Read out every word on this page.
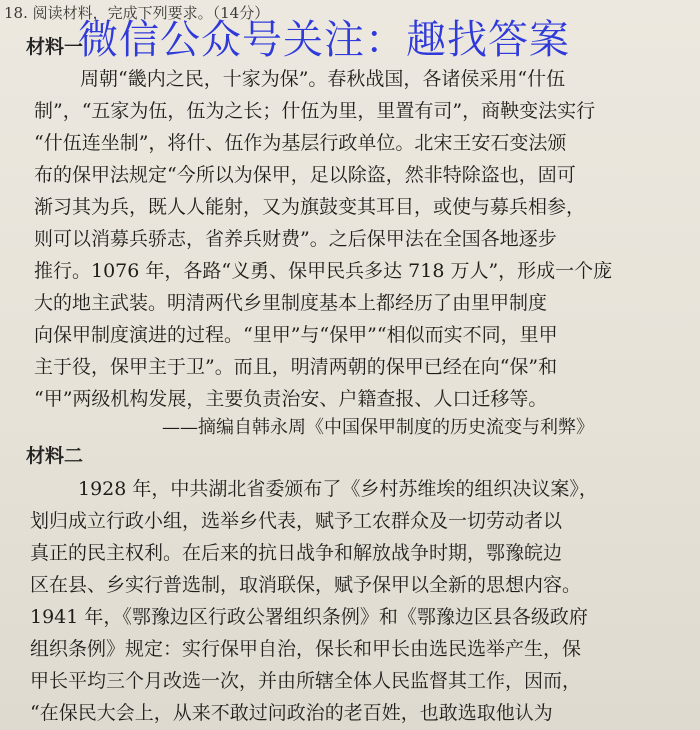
18. 阅读材料，完成下列要求。（14分）
材料一
周朝“畿内之民，十家为保”。春秋战国，各诸侯采用“什伍
制”，“五家为伍，伍为之长；什伍为里，里置有司”，商鞅变法实行
“什伍连坐制”，将什、伍作为基层行政单位。北宋王安石变法颁
布的保甲法规定“今所以为保甲，足以除盗，然非特除盗也，固可
渐习其为兵，既人人能射，又为旗鼓变其耳目，或使与募兵相参，
则可以消募兵骄志，省养兵财费”。之后保甲法在全国各地逐步
推行。1076 年，各路“义勇、保甲民兵多达 718 万人”，形成一个庞
大的地主武装。明清两代乡里制度基本上都经历了由里甲制度
向保甲制度演进的过程。“里甲”与“保甲”“相似而实不同，里甲
主于役，保甲主于卫”。而且，明清两朝的保甲已经在向“保”和
“甲”两级机构发展，主要负责治安、户籍查报、人口迁移等。
——摘编自韩永周《中国保甲制度的历史流变与利弊》
材料二
1928 年，中共湖北省委颁布了《乡村苏维埃的组织决议案》，
划归成立行政小组，选举乡代表，赋予工农群众及一切劳动者以
真正的民主权利。在后来的抗日战争和解放战争时期，鄂豫皖边
区在县、乡实行普选制，取消联保，赋予保甲以全新的思想内容。
1941 年，《鄂豫边区行政公署组织条例》和《鄂豫边区县各级政府
组织条例》规定：实行保甲自治，保长和甲长由选民选举产生，保
甲长平均三个月改选一次，并由所辖全体人民监督其工作，因而，
“在保民大会上，从来不敢过问政治的老百姓，也敢选取他认为
微信公众号关注：趣找答案
